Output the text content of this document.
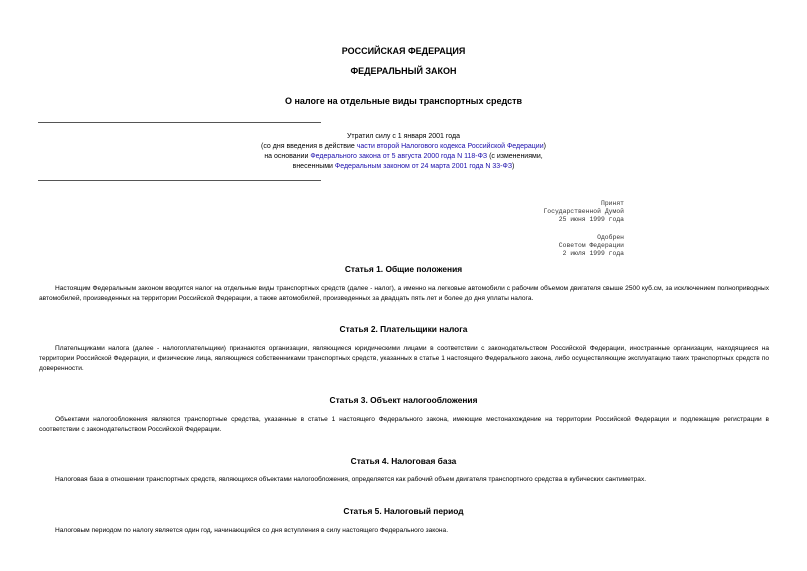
РОССИЙСКАЯ ФЕДЕРАЦИЯ
ФЕДЕРАЛЬНЫЙ ЗАКОН
О налоге на отдельные виды транспортных средств
Утратил силу с 1 января 2001 года
(со дня введения в действие части второй Налогового кодекса Российской Федерации)
на основании Федерального закона от 5 августа 2000 года N 118-ФЗ (с изменениями,
внесенными Федеральным законом от 24 марта 2001 года N 33-ФЗ)
Принят
Государственной Думой
25 июня 1999 года
Одобрен
Советом Федерации
2 июля 1999 года
Статья 1. Общие положения
Настоящим Федеральным законом вводится налог на отдельные виды транспортных средств (далее - налог), а именно на легковые автомобили с рабочим объемом двигателя свыше 2500 куб.см, за исключением полноприводных автомобилей, произведенных на территории Российской Федерации, а также автомобилей, произведенных за двадцать пять лет и более до дня уплаты налога.
Статья 2. Плательщики налога
Плательщиками налога (далее - налогоплательщики) признаются организации, являющиеся юридическими лицами в соответствии с законодательством Российской Федерации, иностранные организации, находящиеся на территории Российской Федерации, и физические лица, являющиеся собственниками транспортных средств, указанных в статье 1 настоящего Федерального закона, либо осуществляющие эксплуатацию таких транспортных средств по доверенности.
Статья 3. Объект налогообложения
Объектами налогообложения являются транспортные средства, указанные в статье 1 настоящего Федерального закона, имеющие местонахождение на территории Российской Федерации и подлежащие регистрации в соответствии с законодательством Российской Федерации.
Статья 4. Налоговая база
Налоговая база в отношении транспортных средств, являющихся объектами налогообложения, определяется как рабочий объем двигателя транспортного средства в кубических сантиметрах.
Статья 5. Налоговый период
Налоговым периодом по налогу является один год, начинающийся со дня вступления в силу настоящего Федерального закона.
